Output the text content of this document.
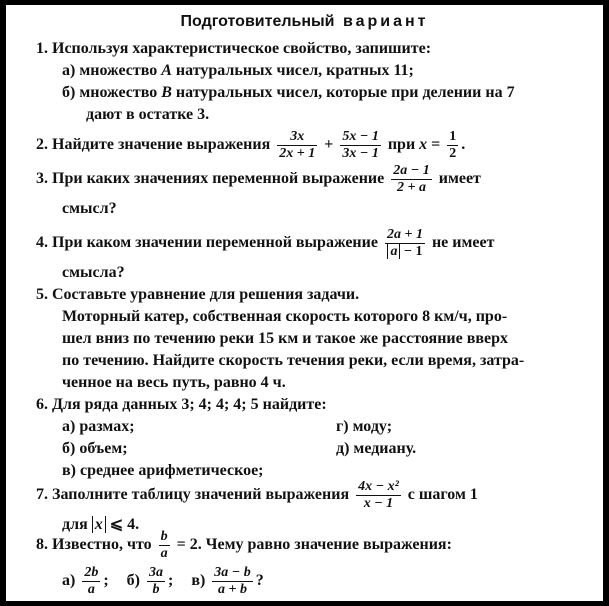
Подготовительный вариант
1. Используя характеристическое свойство, запишите:
а) множество A натуральных чисел, кратных 11;
б) множество B натуральных чисел, которые при делении на 7
дают в остатке 3.
2. Найдите значение выражения $\frac{3x}{2x + 1} + \frac{5x - 1}{3x - 1}$ при $x = \frac{1}{2}$ .
3. При каких значениях переменной выражение $\frac{2a - 1}{2 + a}$ имеет
смысл?
4. При каком значении переменной выражение $\frac{2a + 1}{a - 1}$ не имеет
смысла?
5. Составьте уравнение для решения задачи.
Моторный катер, собственная скорость которого 8 км/ч, про-
шел вниз по течению реки 15 км и такое же расстояние вверх
по течению. Найдите скорость течения реки, если время, затра-
ченное на весь путь, равно 4 ч.
6. Для ряда данных 3; 4; 4; 4; 5 найдите:
а) размах;	г) моду;
б) объем;	д) медиану.
в) среднее арифметическое;
7. Заполните таблицу значений выражения $\frac{\text{4x − x²}}{x - 1}$ с шагом 1
для x ⩽ 4.
8. Известно, что $\frac{b}{a} = 2$. Чему равно значение выражения:
$а) \frac{2b}{a}$ ; $б) \frac{3a}{b}$ ; $в) \frac{3a - b}{a + b}$ ?
